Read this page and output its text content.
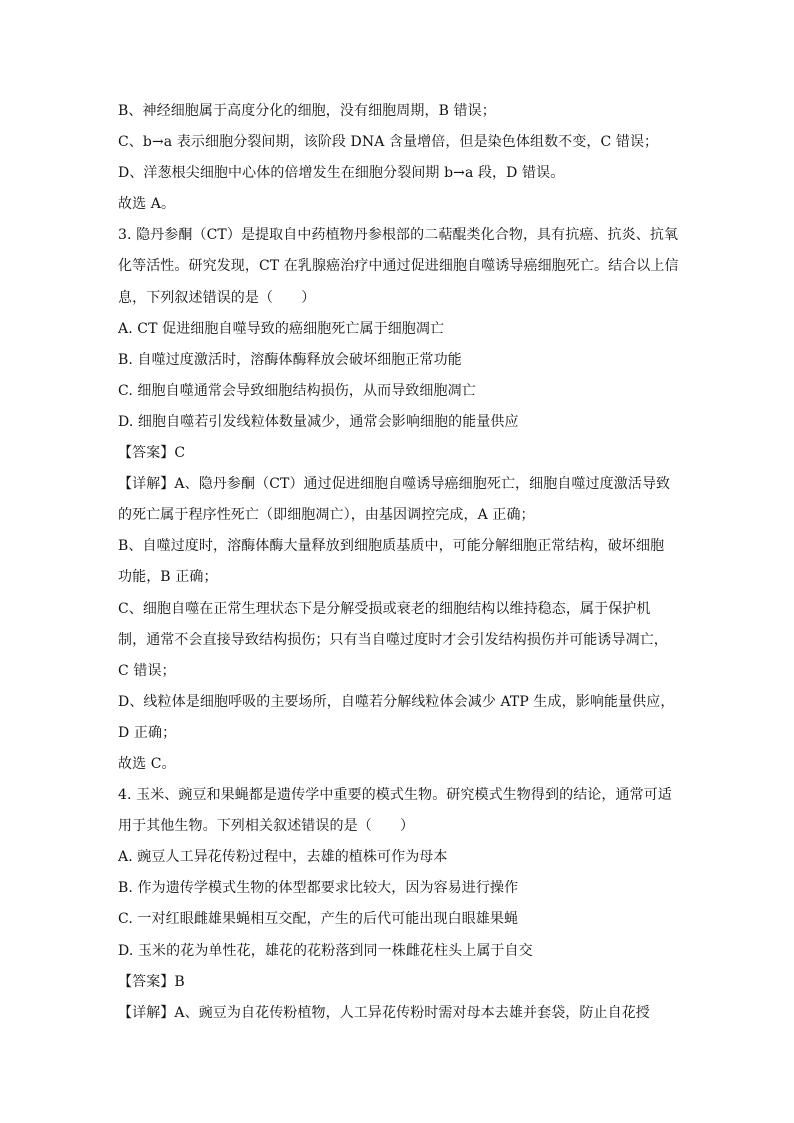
B、神经细胞属于高度分化的细胞，没有细胞周期，B 错误；
C、b→a 表示细胞分裂间期，该阶段 DNA 含量增倍，但是染色体组数不变，C 错误；
D、洋葱根尖细胞中心体的倍增发生在细胞分裂间期 b→a 段，D 错误。
故选 A。
3. 隐丹参酮（CT）是提取自中药植物丹参根部的二萜醌类化合物，具有抗癌、抗炎、抗氧
化等活性。研究发现，CT 在乳腺癌治疗中通过促进细胞自噬诱导癌细胞死亡。结合以上信
息，下列叙述错误的是（　　）
A. CT 促进细胞自噬导致的癌细胞死亡属于细胞凋亡
B. 自噬过度激活时，溶酶体酶释放会破坏细胞正常功能
C. 细胞自噬通常会导致细胞结构损伤，从而导致细胞凋亡
D. 细胞自噬若引发线粒体数量减少，通常会影响细胞的能量供应
【答案】C
【详解】A、隐丹参酮（CT）通过促进细胞自噬诱导癌细胞死亡，细胞自噬过度激活导致
的死亡属于程序性死亡（即细胞凋亡），由基因调控完成，A 正确；
B、自噬过度时，溶酶体酶大量释放到细胞质基质中，可能分解细胞正常结构，破坏细胞
功能，B 正确；
C、细胞自噬在正常生理状态下是分解受损或衰老的细胞结构以维持稳态，属于保护机
制，通常不会直接导致结构损伤；只有当自噬过度时才会引发结构损伤并可能诱导凋亡，
C 错误；
D、线粒体是细胞呼吸的主要场所，自噬若分解线粒体会减少 ATP 生成，影响能量供应，
D 正确；
故选 C。
4. 玉米、豌豆和果蝇都是遗传学中重要的模式生物。研究模式生物得到的结论，通常可适
用于其他生物。下列相关叙述错误的是（　　）
A. 豌豆人工异花传粉过程中，去雄的植株可作为母本
B. 作为遗传学模式生物的体型都要求比较大，因为容易进行操作
C. 一对红眼雌雄果蝇相互交配，产生的后代可能出现白眼雄果蝇
D. 玉米的花为单性花，雄花的花粉落到同一株雌花柱头上属于自交
【答案】B
【详解】A、豌豆为自花传粉植物，人工异花传粉时需对母本去雄并套袋，防止自花授
